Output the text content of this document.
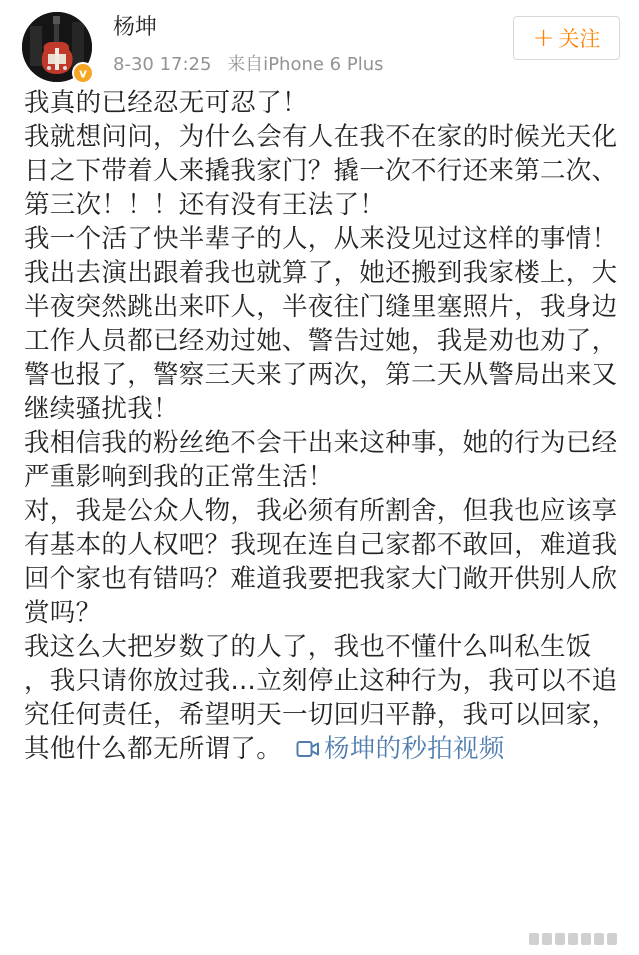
v
杨坤
8-30 17:25 来自iPhone 6 Plus
+ 关注

我真的已经忍无可忍了！

我就想问问，为什么会有人在我不在家的时候光天化日之下带着人来撬我家门？撬一次不行还来第二次、第三次！！！还有没有王法了！

我一个活了快半辈子的人，从来没见过这样的事情！我出去演出跟着我也就算了，她还搬到我家楼上，大半夜突然跳出来吓人，半夜往门缝里塞照片，我身边工作人员都已经劝过她、警告过她，我是劝也劝了，警也报了，警察三天来了两次，第二天从警局出来又继续骚扰我！

我相信我的粉丝绝不会干出来这种事，她的行为已经严重影响到我的正常生活！

对，我是公众人物，我必须有所割舍，但我也应该享有基本的人权吧？我现在连自己家都不敢回，难道我回个家也有错吗？难道我要把我家大门敞开供别人欣赏吗？

我这么大把岁数了的人了，我也不懂什么叫私生饭 ，我只请你放过我…立刻停止这种行为，我可以不追究任何责任，希望明天一切回归平静，我可以回家，其他什么都无所谓了。 杨坤的秒拍视频
